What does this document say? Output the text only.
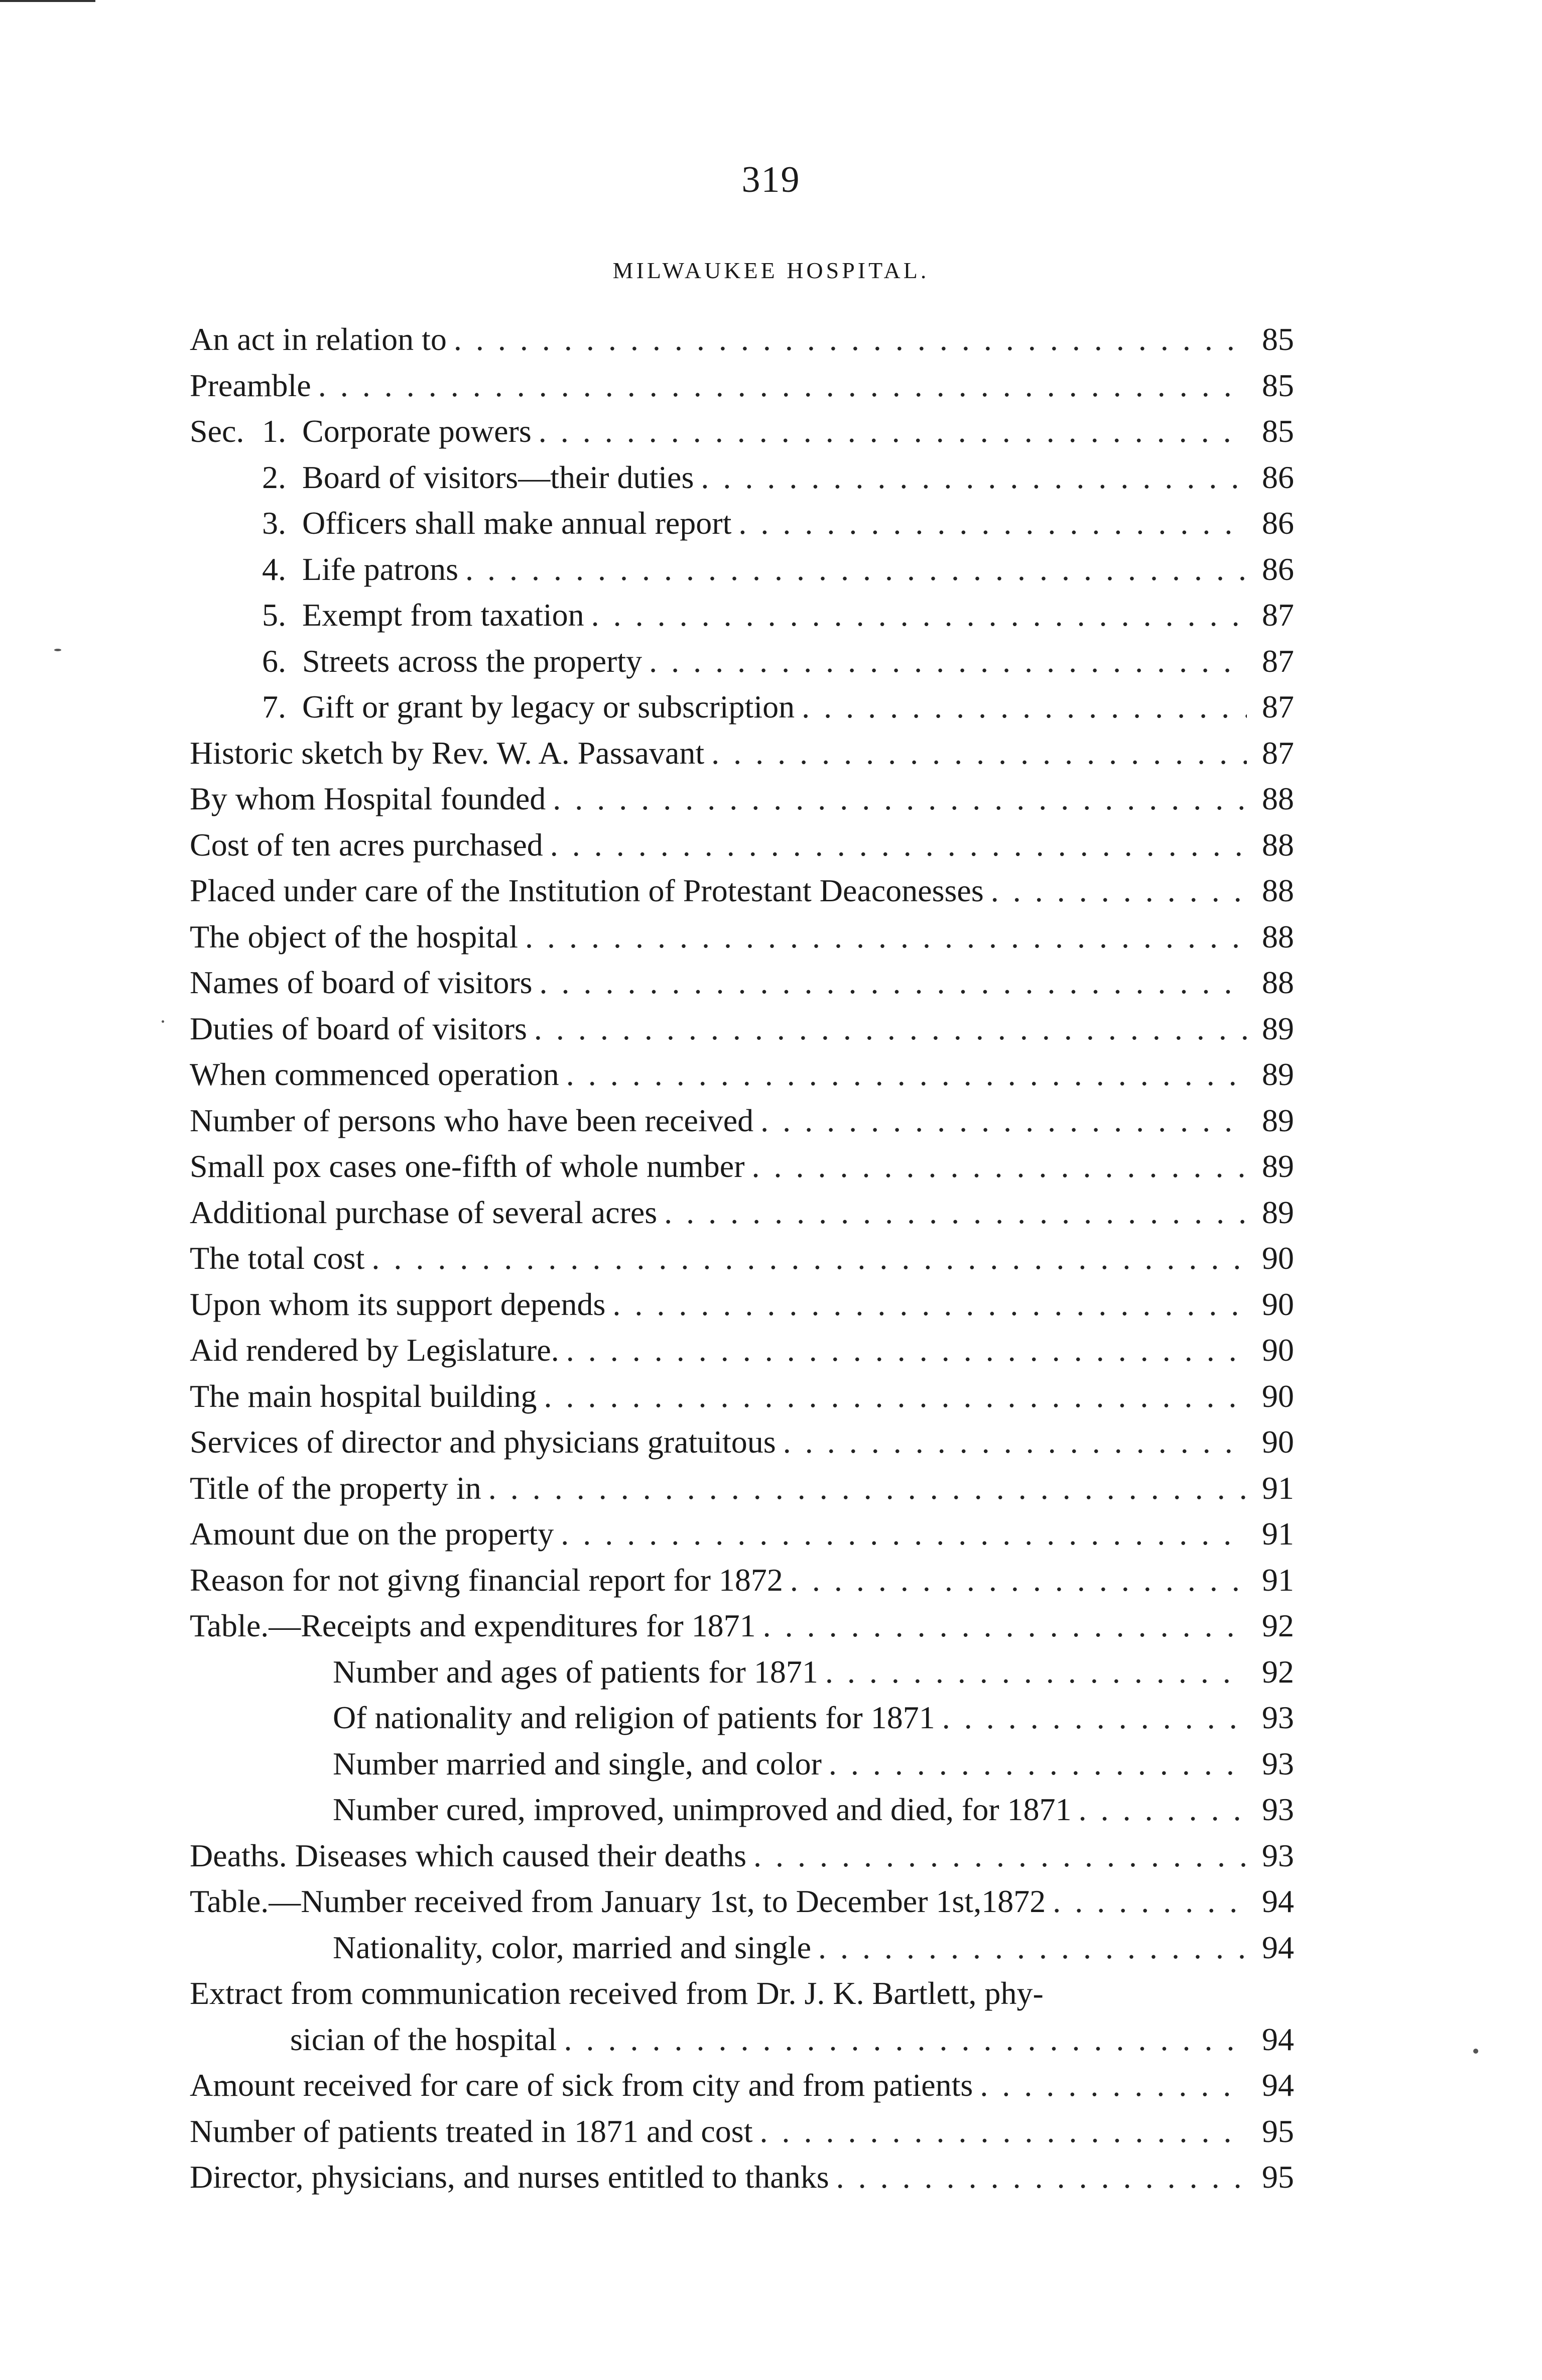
319
MILWAUKEE HOSPITAL.
An act in relation to . . .	85
Preamble . . .	85
Sec. 1. Corporate powers . . .	85
2. Board of visitors—their duties . . .	86
3. Officers shall make annual report . . .	86
4. Life patrons . . .	86
5. Exempt from taxation . . .	87
6. Streets across the property . . .	87
7. Gift or grant by legacy or subscription . . .	87
Historic sketch by Rev. W. A. Passavant . . .	87
By whom Hospital founded . . .	88
Cost of ten acres purchased . . .	88
Placed under care of the Institution of Protestant Deaconesses . . .	88
The object of the hospital . . .	88
Names of board of visitors . . .	88
Duties of board of visitors . . .	89
When commenced operation . . .	89
Number of persons who have been received . . .	89
Small pox cases one-fifth of whole number . . .	89
Additional purchase of several acres . . .	89
The total cost . . .	90
Upon whom its support depends . . .	90
Aid rendered by Legislature. . . .	90
The main hospital building . . .	90
Services of director and physicians gratuitous . . .	90
Title of the property in . . .	91
Amount due on the property . . .	91
Reason for not givng financial report for 1872 . . .	91
Table.—Receipts and expenditures for 1871 . . .	92
Number and ages of patients for 1871 . . .	92
Of nationality and religion of patients for 1871 . . .	93
Number married and single, and color . . .	93
Number cured, improved, unimproved and died, for 1871 . . .	93
Deaths. Diseases which caused their deaths . . .	93
Table.—Number received from January 1st, to December 1st,1872 . . .	94
Nationality, color, married and single . . .	94
Extract from communication received from Dr. J. K. Bartlett, phy-
sician of the hospital . . .	94
Amount received for care of sick from city and from patients . . .	94
Number of patients treated in 1871 and cost . . .	95
Director, physicians, and nurses entitled to thanks . . .	95
